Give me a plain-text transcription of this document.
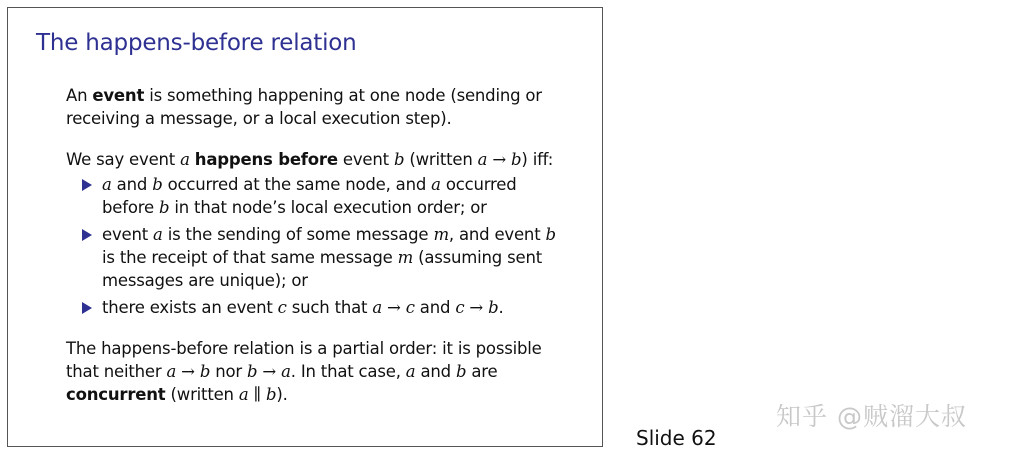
The happens-before relation

An event is something happening at one node (sending or receiving a message, or a local execution step).

We say event a happens before event b (written a → b) iff:

a and b occurred at the same node, and a occurred before b in that node’s local execution order; or
event a is the sending of some message m, and event b is the receipt of that same message m (assuming sent messages are unique); or
there exists an event c such that a → c and c → b.

The happens-before relation is a partial order: it is possible that neither a → b nor b → a. In that case, a and b are concurrent (written a ∥ b).

知乎 @贼溜大叔
Slide 62
